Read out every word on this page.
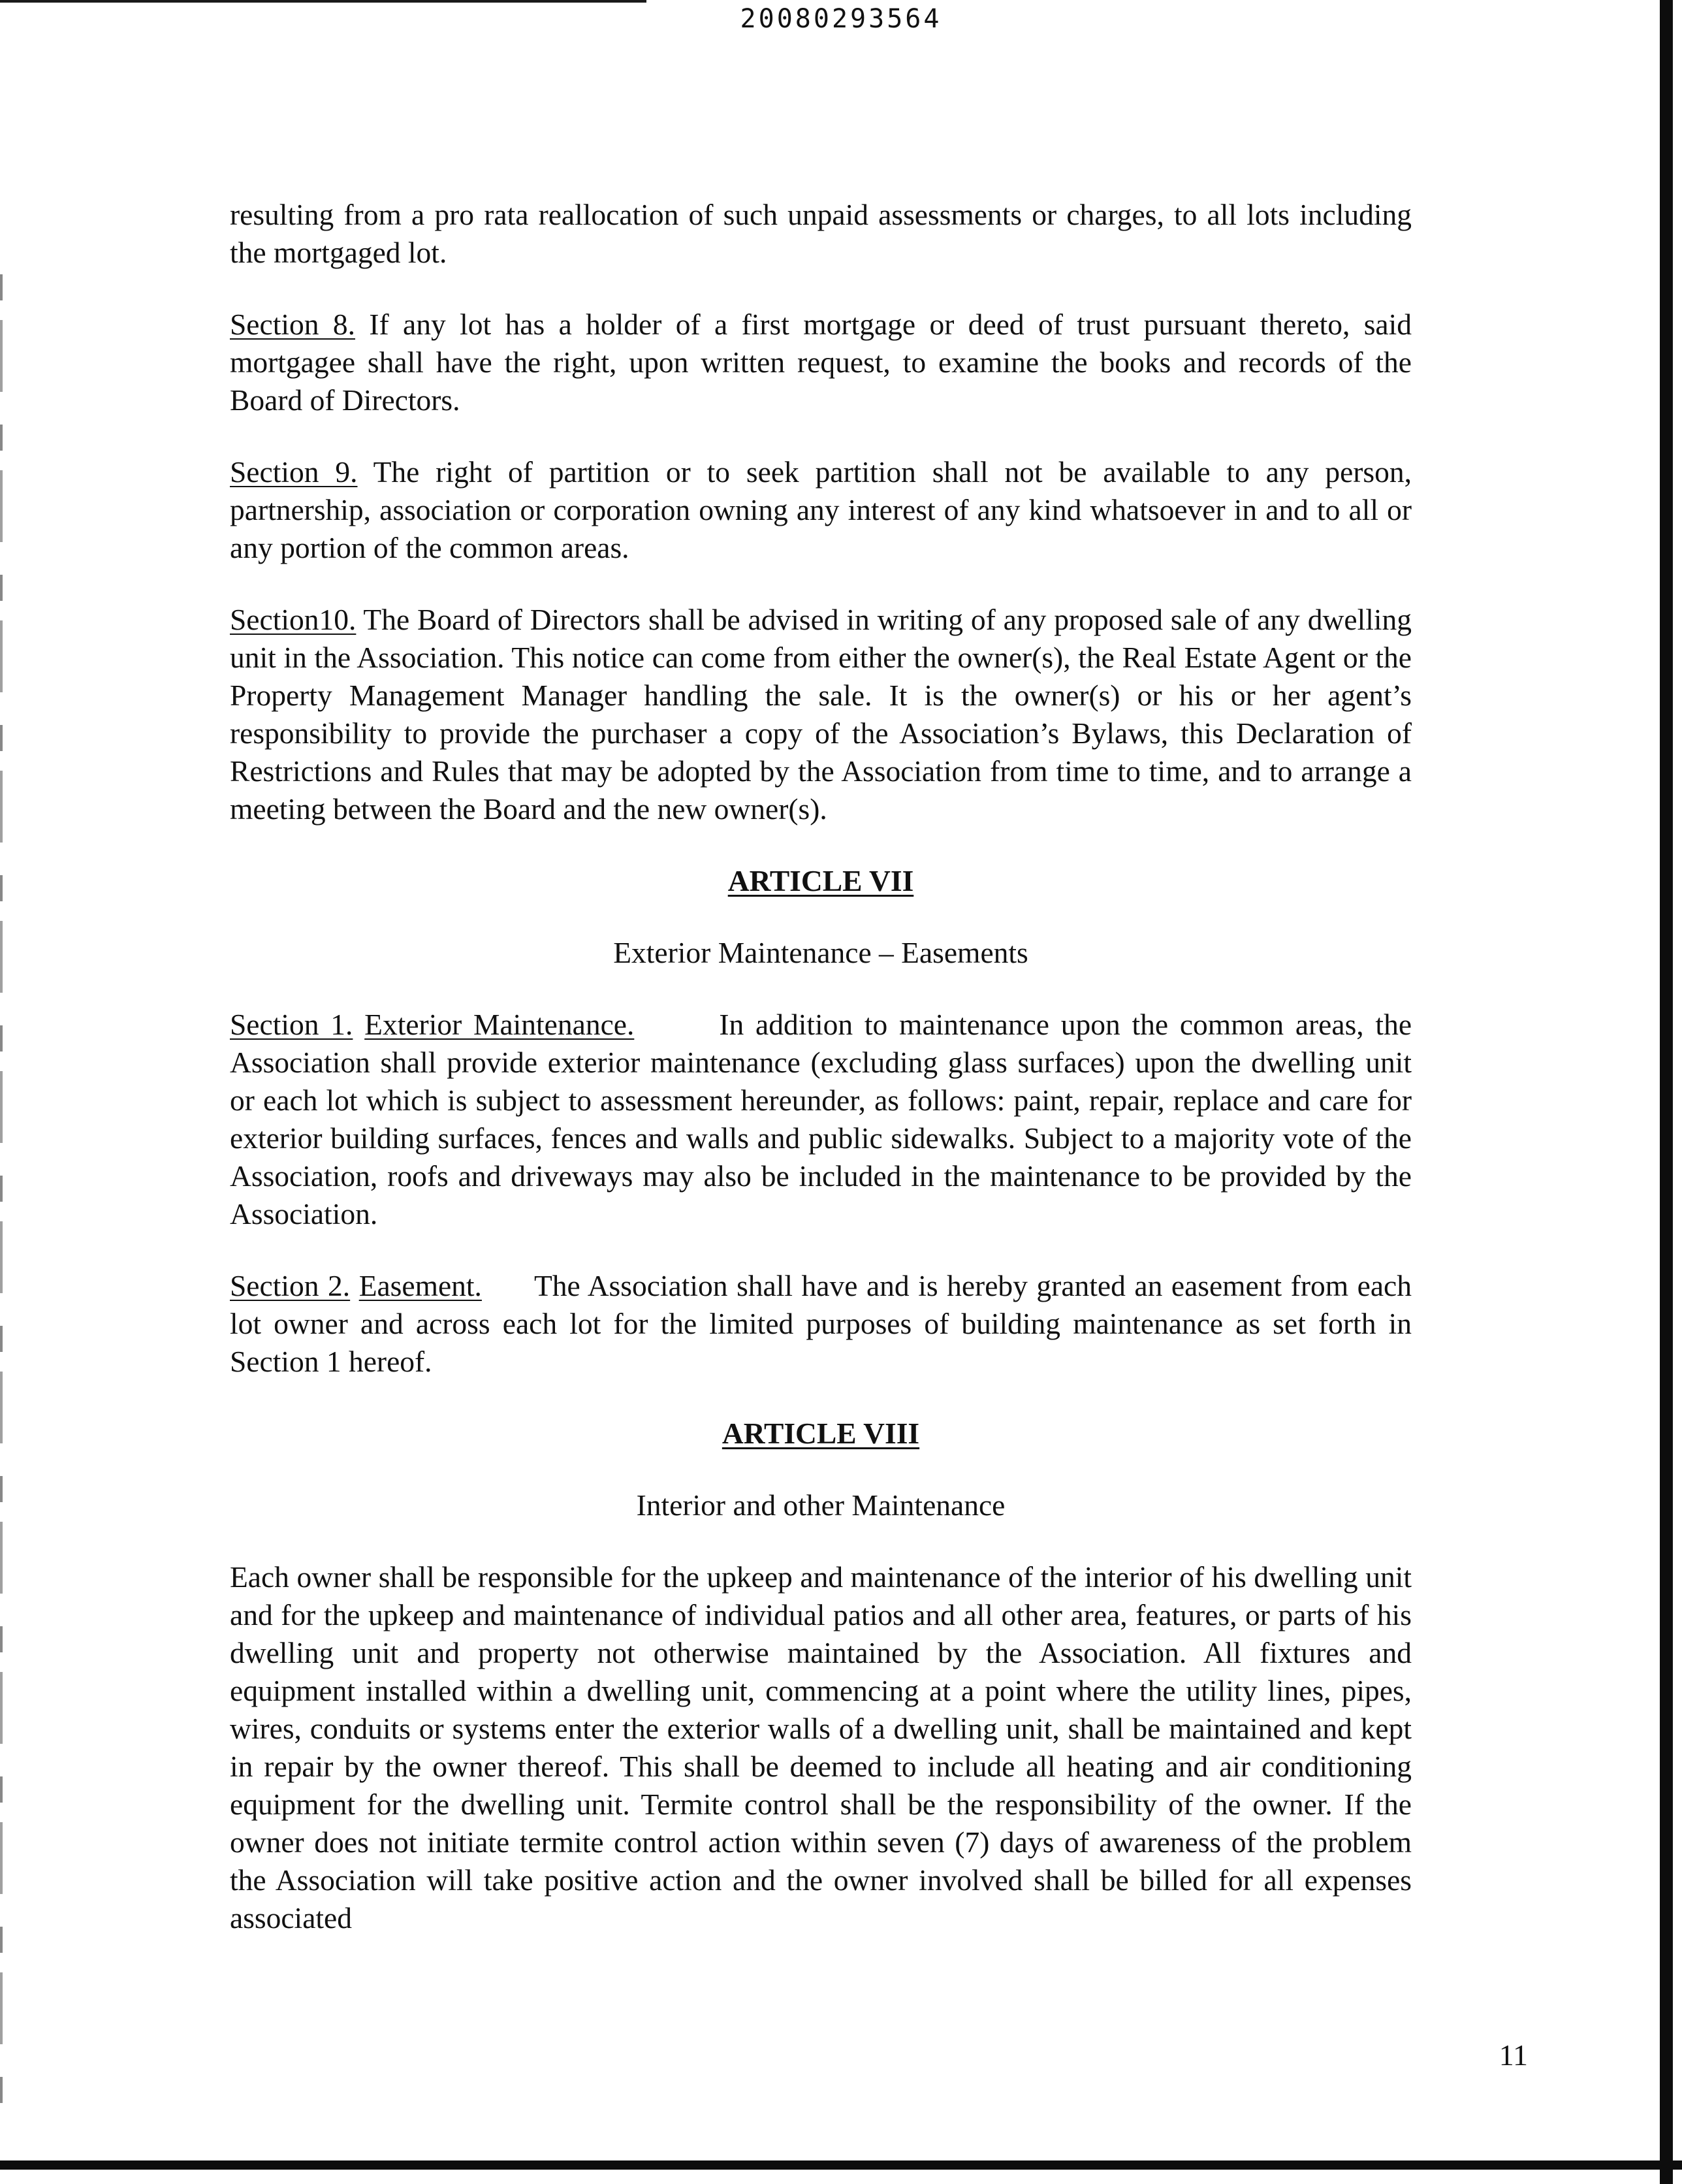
20080293564

resulting from a pro rata reallocation of such unpaid assessments or charges, to all lots including the mortgaged lot.

Section 8. If any lot has a holder of a first mortgage or deed of trust pursuant thereto, said mortgagee shall have the right, upon written request, to examine the books and records of the Board of Directors.

Section 9. The right of partition or to seek partition shall not be available to any person, partnership, association or corporation owning any interest of any kind whatsoever in and to all or any portion of the common areas.

Section10. The Board of Directors shall be advised in writing of any proposed sale of any dwelling unit in the Association. This notice can come from either the owner(s), the Real Estate Agent or the Property Management Manager handling the sale. It is the owner(s) or his or her agent’s responsibility to provide the purchaser a copy of the Association’s Bylaws, this Declaration of Restrictions and Rules that may be adopted by the Association from time to time, and to arrange a meeting between the Board and the new owner(s).

ARTICLE VII
Exterior Maintenance – Easements

Section 1. Exterior Maintenance.	In addition to maintenance upon the common areas, the Association shall provide exterior maintenance (excluding glass surfaces) upon the dwelling unit or each lot which is subject to assessment hereunder, as follows: paint, repair, replace and care for exterior building surfaces, fences and walls and public sidewalks. Subject to a majority vote of the Association, roofs and driveways may also be included in the maintenance to be provided by the Association.

Section 2. Easement. The Association shall have and is hereby granted an easement from each lot owner and across each lot for the limited purposes of building maintenance as set forth in Section 1 hereof.

ARTICLE VIII
Interior and other Maintenance

Each owner shall be responsible for the upkeep and maintenance of the interior of his dwelling unit and for the upkeep and maintenance of individual patios and all other area, features, or parts of his dwelling unit and property not otherwise maintained by the Association. All fixtures and equipment installed within a dwelling unit, commencing at a point where the utility lines, pipes, wires, conduits or systems enter the exterior walls of a dwelling unit, shall be maintained and kept in repair by the owner thereof. This shall be deemed to include all heating and air conditioning equipment for the dwelling unit. Termite control shall be the responsibility of the owner. If the owner does not initiate termite control action within seven (7) days of awareness of the problem the Association will take positive action and the owner involved shall be billed for all expenses associated

11
